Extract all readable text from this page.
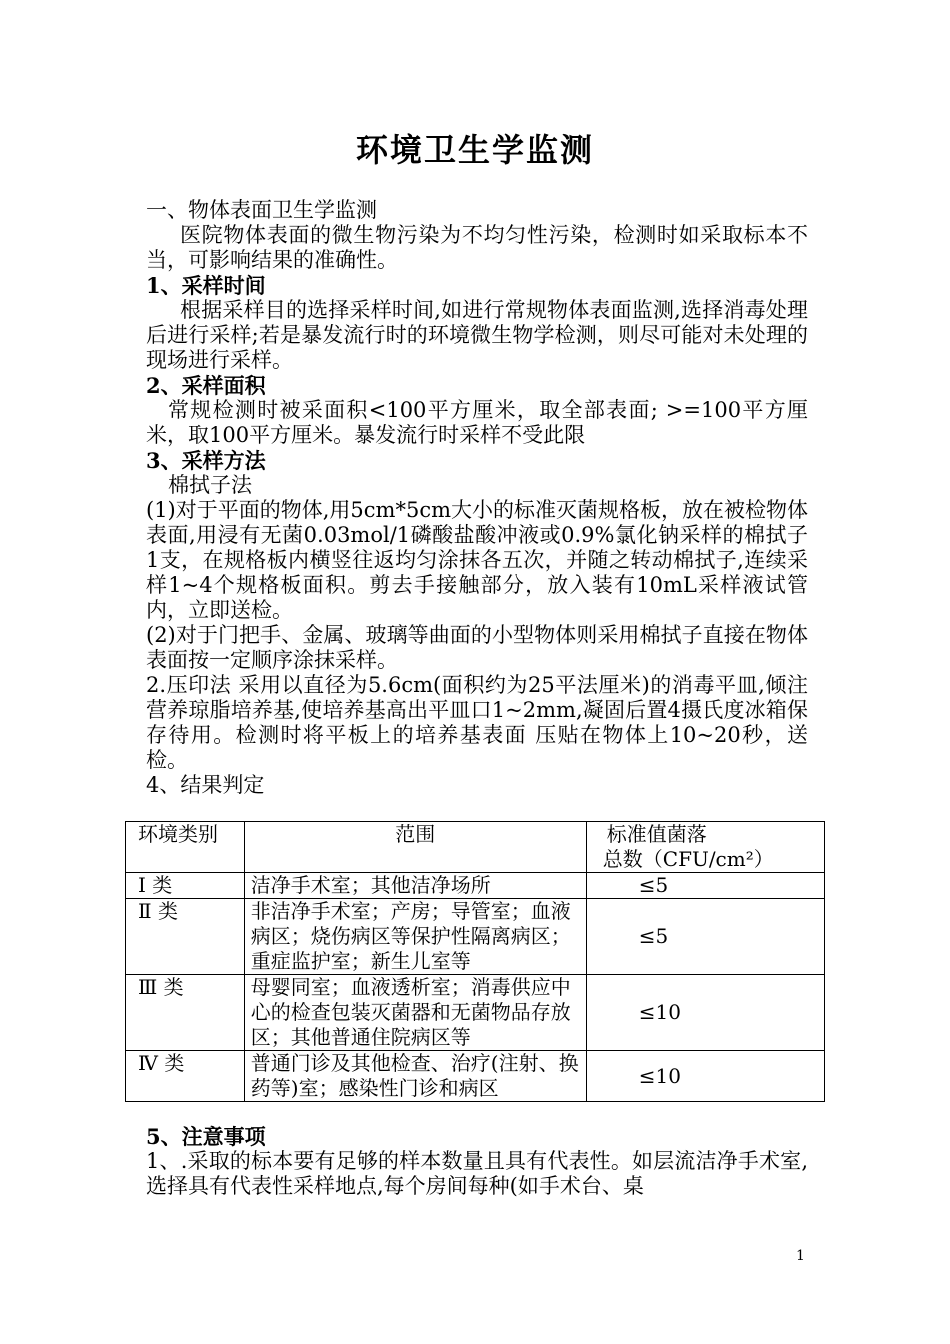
环境卫生学监测

一、物体表面卫生学监测

医院物体表面的微生物污染为不均匀性污染，检测时如采取标本不当，可影响结果的准确性。

1、采样时间

根据采样目的选择采样时间,如进行常规物体表面监测,选择消毒处理后进行采样;若是暴发流行时的环境微生物学检测，则尽可能对未处理的现场进行采样。

2、采样面积

常规检测时被采面积<100平方厘米，取全部表面; >=100平方厘米，取100平方厘米。暴发流行时采样不受此限

3、采样方法

棉拭子法

(1)对于平面的物体,用5cm*5cm大小的标准灭菌规格板，放在被检物体表面,用浸有无菌0.03mol/1磷酸盐酸冲液或0.9%氯化钠采样的棉拭子1支，在规格板内横竖往返均匀涂抹各五次，并随之转动棉拭子,连续采样1~4个规格板面积。剪去手接触部分，放入装有10mL采样液试管内，立即送检。

(2)对于门把手、金属、玻璃等曲面的小型物体则采用棉拭子直接在物体表面按一定顺序涂抹采样。

2.压印法 采用以直径为5.6cm(面积约为25平法厘米)的消毒平皿,倾注营养琼脂培养基,使培养基高出平皿口1~2mm,凝固后置4摄氏度冰箱保存待用。检测时将平板上的培养基表面 压贴在物体上10~20秒，送检。

4、结果判定

环境类别	范围	标准值菌落
总数（CFU/cm²）

Ⅰ 类	洁净手术室；其他洁净场所	≤5
Ⅱ 类	非洁净手术室；产房；导管室；血液病区；烧伤病区等保护性隔离病区；重症监护室；新生儿室等	≤5
Ⅲ 类	母婴同室；血液透析室；消毒供应中心的检查包装灭菌器和无菌物品存放区；其他普通住院病区等	≤10
Ⅳ 类	普通门诊及其他检查、治疗(注射、换药等)室；感染性门诊和病区	≤10

5、注意事项

1、.采取的标本要有足够的样本数量且具有代表性。如层流洁净手术室,选择具有代表性采样地点,每个房间每种(如手术台、桌

1
